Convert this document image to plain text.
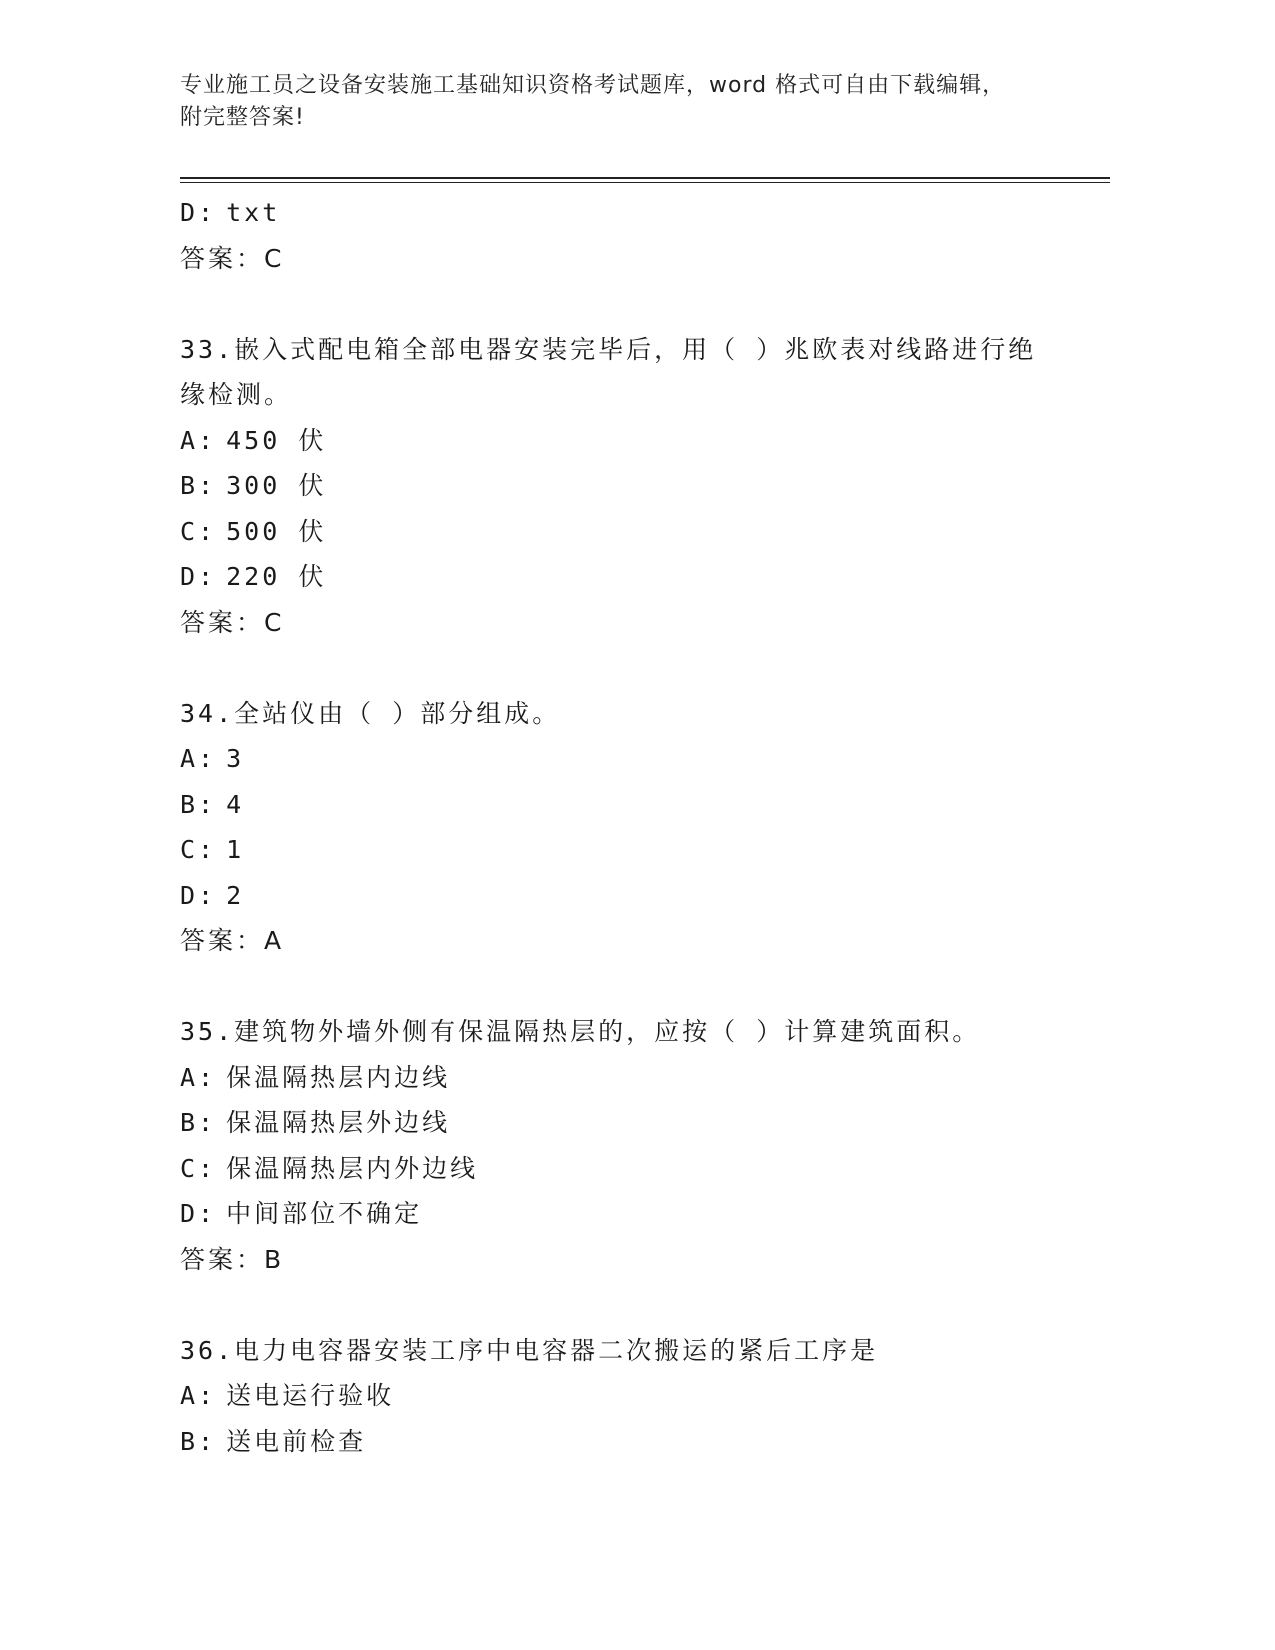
专业施工员之设备安装施工基础知识资格考试题库，word 格式可自由下载编辑，
附完整答案!
D: txt
答案：C
33.嵌入式配电箱全部电器安装完毕后，用（ ）兆欧表对线路进行绝缘检测。
A: 450 伏
B: 300 伏
C: 500 伏
D: 220 伏
答案：C
34.全站仪由（ ）部分组成。
A: 3
B: 4
C: 1
D: 2
答案：A
35.建筑物外墙外侧有保温隔热层的，应按（ ）计算建筑面积。
A: 保温隔热层内边线
B: 保温隔热层外边线
C: 保温隔热层内外边线
D: 中间部位不确定
答案：B
36.电力电容器安装工序中电容器二次搬运的紧后工序是
A: 送电运行验收
B: 送电前检查
